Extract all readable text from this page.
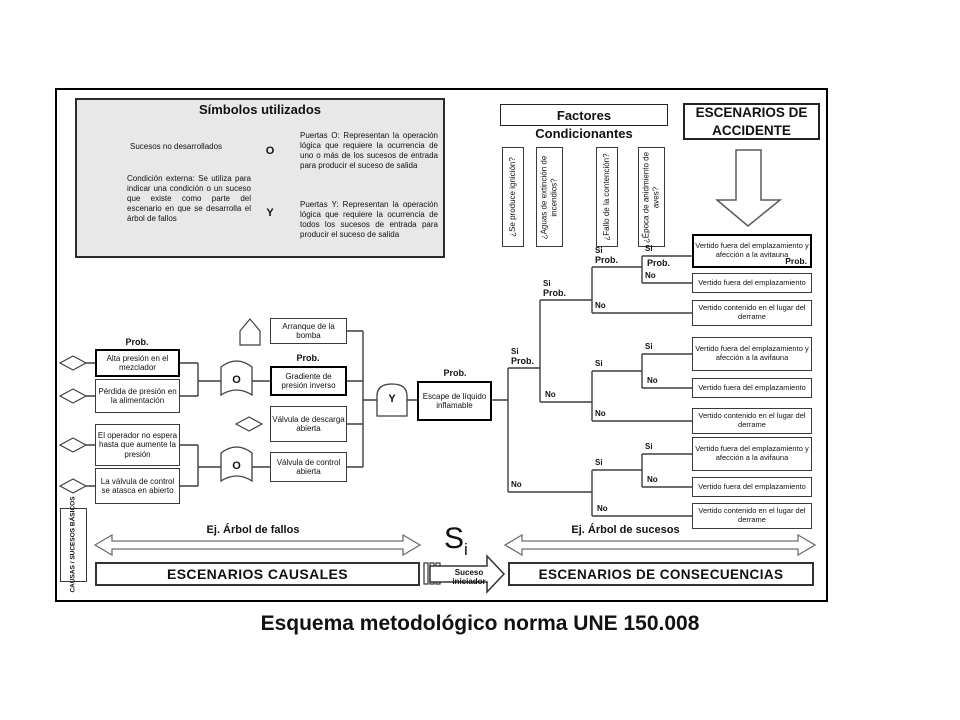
Símbolos utilizados
Sucesos no desarrollados
Condición externa: Se utiliza para indicar una condición o un suceso que existe como parte del escenario en que se desarrolla el árbol de fallos
Puertas O: Representan la operación lógica que requiere la ocurrencia de uno o más de los sucesos de entrada para producir el suceso de salida
Puertas Y: Representan la operación lógica que requiere la ocurrencia de todos los sucesos de entrada para producir el suceso de salida
O
Y
Factores
Condicionantes
¿Se produce ignición?	¿Aguas de extinción de incendios?	¿Fallo de la contención?	¿Época de anidmiento de aves?
ESCENARIOS DE ACCIDENTE
Prob.
Alta presión en el mezclador
Pérdida de presión en la alimentación
El operador no espera hasta que aumente la presión
La válvula de control se atasca en abierto
O
O
Arranque de la bomba
Prob.
Gradiente de presión inverso
Válvula de descarga abierta
Válvula de control abierta
Y
Prob.
Escape de líquido inflamable
Si
Prob.
No
Si
Prob.
No
Si
Prob.
No
Si
Prob.
No
Si
No
Si
No
Si
No
Si
No
Vertido fuera del emplazamiento y afección a la avitauna
Prob.
Vertido fuera del emplazamiento
Vertido contenido en el lugar del derrame
Vertido fuera del emplazamiento y afección a la avifauna
Vertido fuera del emplazamiento
Vertido contenido en el lugar del derrame
Vertido fuera del emplazamiento y afección a la avifauna
Vertido fuera del emplazamiento
Vertido contenido en el lugar del derrame
CAUSAS / SUCESOS BÁSICOS	Ej. Árbol de fallos
ESCENARIOS CAUSALES
$S_i$
Suceso iniciador
Ej. Árbol de sucesos
ESCENARIOS DE CONSECUENCIAS
Esquema metodológico norma UNE 150.008
